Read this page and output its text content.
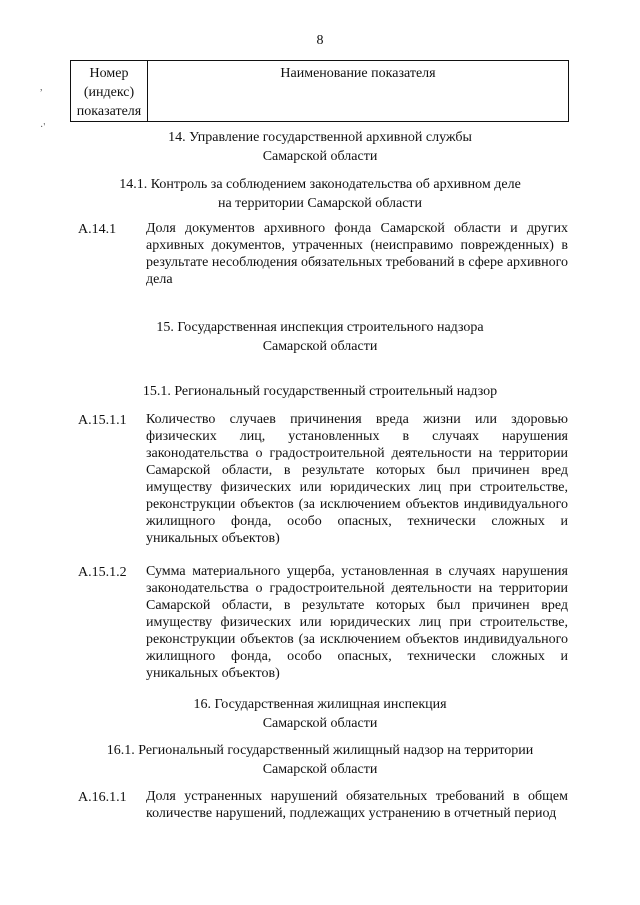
8
Номер
(индекс)
показателя
	Наименование показателя
14. Управление государственной архивной службы
Самарской области
14.1. Контроль за соблюдением законодательства об архивном деле
на территории Самарской области
А.14.1	Доля документов архивного фонда Самарской области и других архивных документов, утраченных (неисправимо поврежденных) в результате несоблюдения обязательных требований в сфере архивного дела
15. Государственная инспекция строительного надзора
Самарской области
15.1. Региональный государственный строительный надзор
А.15.1.1	Количество случаев причинения вреда жизни или здоровью физических лиц, установленных в случаях нарушения законодательства о градостроительной деятельности на территории Самарской области, в результате которых был причинен вред имуществу физических или юридических лиц при строительстве, реконструкции объектов (за исключением объектов индивидуального жилищного фонда, особо опасных, технически сложных и уникальных объектов)
А.15.1.2	Сумма материального ущерба, установленная в случаях нарушения законодательства о градостроительной деятельности на территории Самарской области, в результате которых был причинен вред имуществу физических или юридических лиц при строительстве, реконструкции объектов (за исключением объектов индивидуального жилищного фонда, особо опасных, технически сложных и уникальных объектов)
16. Государственная жилищная инспекция
Самарской области
16.1. Региональный государственный жилищный надзор на территории
Самарской области
А.16.1.1	Доля устраненных нарушений обязательных требований в общем количестве нарушений, подлежащих устранению в отчетный период
,
·'
